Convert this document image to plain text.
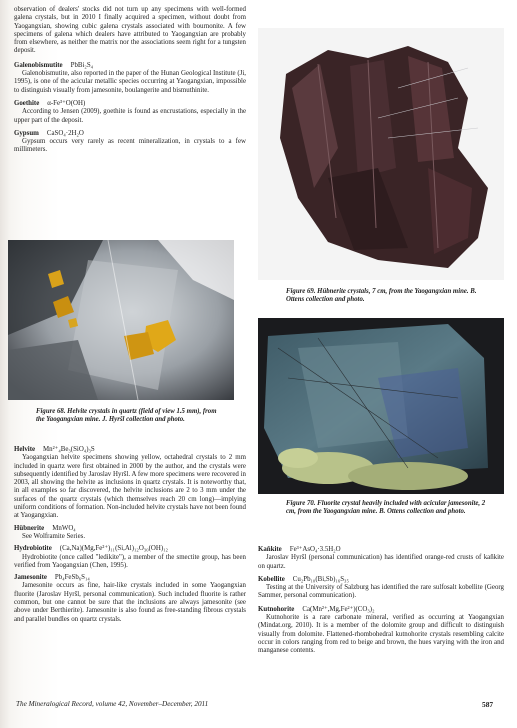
observation of dealers' stocks did not turn up any specimens with well-formed galena crystals, but in 2010 I finally acquired a specimen, without doubt from Yaogangxian, showing cubic galena crystals associated with bournonite. A few specimens of galena which dealers have attributed to Yaogangxian are probably from elsewhere, as neither the matrix nor the associations seem right for a tungsten deposit.

Galenobismutite PbBi₂S₄

Galenobismutite, also reported in the paper of the Hunan Geological Institute (Ji, 1995), is one of the acicular metallic species occurring at Yaogangxian, impossible to distinguish visually from jamesonite, boulangerite and bismuthinite.

Goethite α-Fe³⁺O(OH)

According to Jensen (2009), goethite is found as encrustations, especially in the upper part of the deposit.

Gypsum CaSO₄·2H₂O

Gypsum occurs very rarely as recent mineralization, in crystals to a few millimeters.

Figure 68. Helvite crystals in quartz (field of view 1.5 mm), from the Yaogangxian mine. J. Hyršl collection and photo.
Helvite Mn²⁺₄Be₃(SiO₄)₃S

Yaogangxian helvite specimens showing yellow, octahedral crystals to 2 mm included in quartz were first obtained in 2000 by the author, and the crystals were subsequently identified by Jaroslav Hyršl. A few more specimens were recovered in 2003, all showing the helvite as inclusions in quartz crystals. It is noteworthy that, in all examples so far discovered, the helvite inclusions are 2 to 3 mm under the surfaces of the quartz crystals (which themselves reach 20 cm long)—implying uniform conditions of formation. Non-included helvite crystals have not been found at Yaogangxian.

Hübnerite MnWO₄

See Wolframite Series.

Hydrobiotite (Ca,Na)(Mg,Fe²⁺)₁₁(Si,Al)₁₂O₃₀(OH)₁₂

Hydrobiotite (once called "ledikite"), a member of the smectite group, has been verified from Yaogangxian (Chen, 1995).

Jamesonite Pb₄FeSb₆S₁₄

Jamesonite occurs as fine, hair-like crystals included in some Yaogangxian fluorite (Jaroslav Hyršl, personal communication). Such included fluorite is rather common, but one cannot be sure that the inclusions are always jamesonite (see above under Berthierite). Jamesonite is also found as free-standing fibrous crystals and parallel bundles on quartz crystals.

Figure 69. Hübnerite crystals, 7 cm, from the Yaogangxian mine. B. Ottens collection and photo.
Figure 70. Fluorite crystal heavily included with acicular jamesonite, 2 cm, from the Yaogangxian mine. B. Ottens collection and photo.
Kaňkite Fe³⁺AsO₄·3.5H₂O

Jaroslav Hyršl (personal communication) has identified orange-red crusts of kaňkite on quartz.

Kobellite Cu₂Pb₁₀(Bi,Sb)₁₆S₃₅

Testing at the University of Salzburg has identified the rare sulfosalt kobellite (Georg Sammer, personal communication).

Kutnohorite Ca(Mn²⁺,Mg,Fe²⁺)(CO₃)₂

Kutnohorite is a rare carbonate mineral, verified as occurring at Yaogangxian (Mindat.org, 2010). It is a member of the dolomite group and difficult to distinguish visually from dolomite. Flattened-rhombohedral kutnohorite crystals resembling calcite occur in colors ranging from red to beige and brown, the hues varying with the iron and manganese contents.

The Mineralogical Record, volume 42, November–December, 2011	587
